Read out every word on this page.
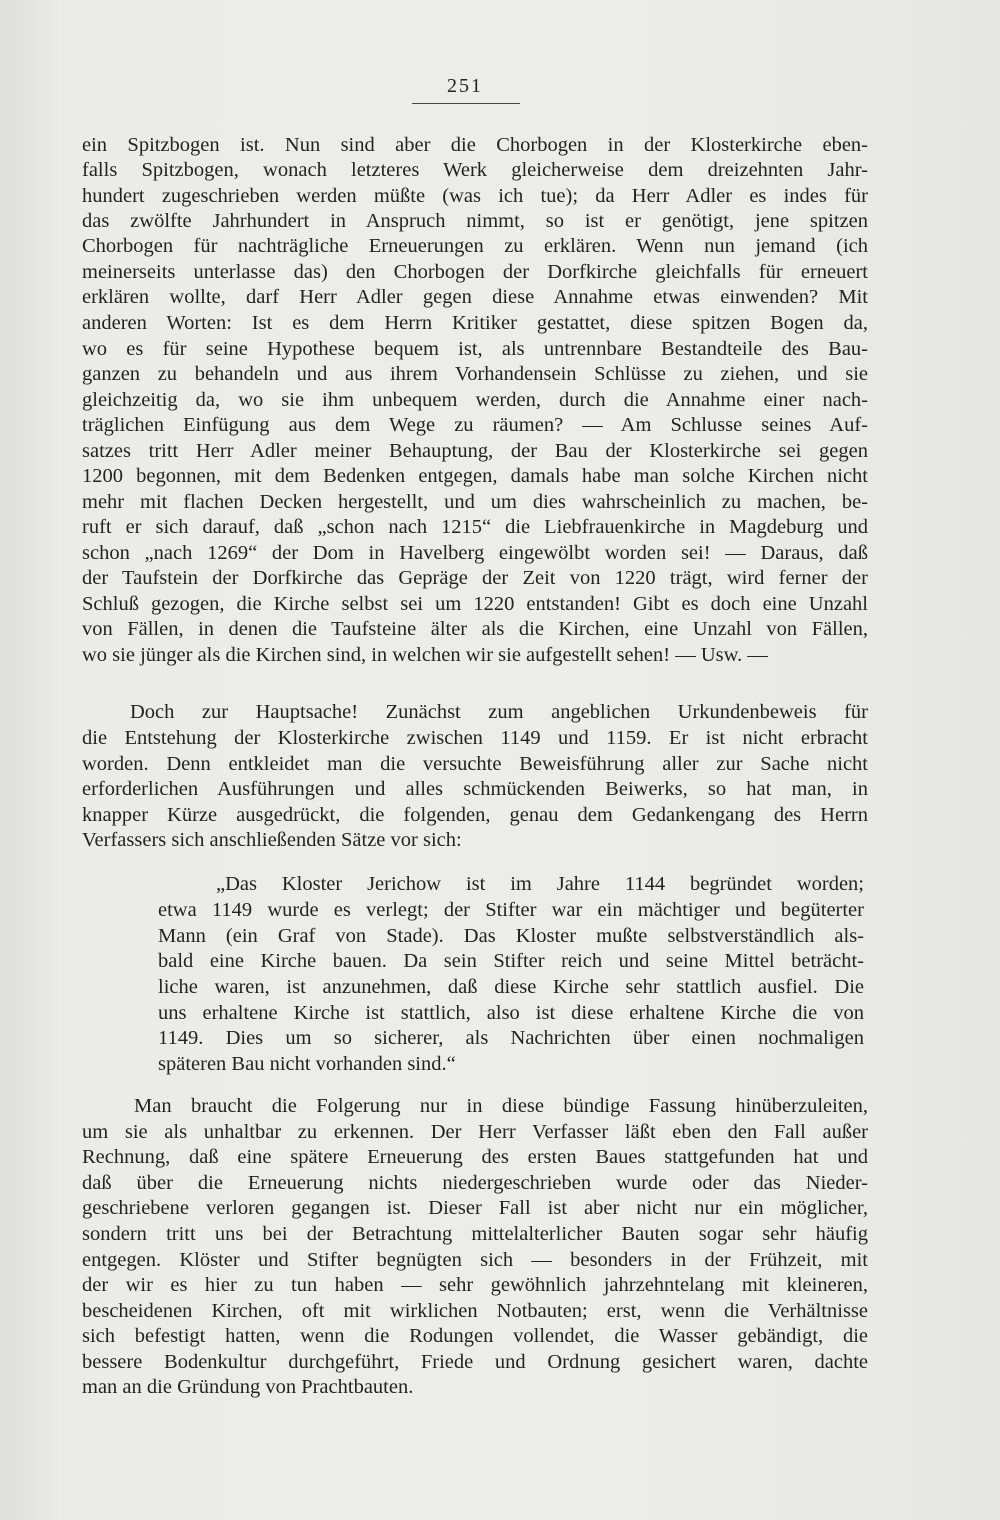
251
ein Spitzbogen ist. Nun sind aber die Chorbogen in der Klosterkirche eben-
falls Spitzbogen, wonach letzteres Werk gleicherweise dem dreizehnten Jahr-
hundert zugeschrieben werden müßte (was ich tue); da Herr Adler es indes für
das zwölfte Jahrhundert in Anspruch nimmt, so ist er genötigt, jene spitzen
Chorbogen für nachträgliche Erneuerungen zu erklären. Wenn nun jemand (ich
meinerseits unterlasse das) den Chorbogen der Dorfkirche gleichfalls für erneuert
erklären wollte, darf Herr Adler gegen diese Annahme etwas einwenden? Mit
anderen Worten: Ist es dem Herrn Kritiker gestattet, diese spitzen Bogen da,
wo es für seine Hypothese bequem ist, als untrennbare Bestandteile des Bau-
ganzen zu behandeln und aus ihrem Vorhandensein Schlüsse zu ziehen, und sie
gleichzeitig da, wo sie ihm unbequem werden, durch die Annahme einer nach-
träglichen Einfügung aus dem Wege zu räumen? — Am Schlusse seines Auf-
satzes tritt Herr Adler meiner Behauptung, der Bau der Klosterkirche sei gegen
1200 begonnen, mit dem Bedenken entgegen, damals habe man solche Kirchen nicht
mehr mit flachen Decken hergestellt, und um dies wahrscheinlich zu machen, be-
ruft er sich darauf, daß „schon nach 1215“ die Liebfrauenkirche in Magdeburg und
schon „nach 1269“ der Dom in Havelberg eingewölbt worden sei! — Daraus, daß
der Taufstein der Dorfkirche das Gepräge der Zeit von 1220 trägt, wird ferner der
Schluß gezogen, die Kirche selbst sei um 1220 entstanden! Gibt es doch eine Unzahl
von Fällen, in denen die Taufsteine älter als die Kirchen, eine Unzahl von Fällen,
wo sie jünger als die Kirchen sind, in welchen wir sie aufgestellt sehen! — Usw. —
Doch zur Hauptsache! Zunächst zum angeblichen Urkundenbeweis für
die Entstehung der Klosterkirche zwischen 1149 und 1159. Er ist nicht erbracht
worden. Denn entkleidet man die versuchte Beweisführung aller zur Sache nicht
erforderlichen Ausführungen und alles schmückenden Beiwerks, so hat man, in
knapper Kürze ausgedrückt, die folgenden, genau dem Gedankengang des Herrn
Verfassers sich anschließenden Sätze vor sich:
„Das Kloster Jerichow ist im Jahre 1144 begründet worden;
etwa 1149 wurde es verlegt; der Stifter war ein mächtiger und begüterter
Mann (ein Graf von Stade). Das Kloster mußte selbstverständlich als-
bald eine Kirche bauen. Da sein Stifter reich und seine Mittel beträcht-
liche waren, ist anzunehmen, daß diese Kirche sehr stattlich ausfiel. Die
uns erhaltene Kirche ist stattlich, also ist diese erhaltene Kirche die von
1149. Dies um so sicherer, als Nachrichten über einen nochmaligen
späteren Bau nicht vorhanden sind.“
Man braucht die Folgerung nur in diese bündige Fassung hinüberzuleiten,
um sie als unhaltbar zu erkennen. Der Herr Verfasser läßt eben den Fall außer
Rechnung, daß eine spätere Erneuerung des ersten Baues stattgefunden hat und
daß über die Erneuerung nichts niedergeschrieben wurde oder das Nieder-
geschriebene verloren gegangen ist. Dieser Fall ist aber nicht nur ein möglicher,
sondern tritt uns bei der Betrachtung mittelalterlicher Bauten sogar sehr häufig
entgegen. Klöster und Stifter begnügten sich — besonders in der Frühzeit, mit
der wir es hier zu tun haben — sehr gewöhnlich jahrzehntelang mit kleineren,
bescheidenen Kirchen, oft mit wirklichen Notbauten; erst, wenn die Verhältnisse
sich befestigt hatten, wenn die Rodungen vollendet, die Wasser gebändigt, die
bessere Bodenkultur durchgeführt, Friede und Ordnung gesichert waren, dachte
man an die Gründung von Prachtbauten.
